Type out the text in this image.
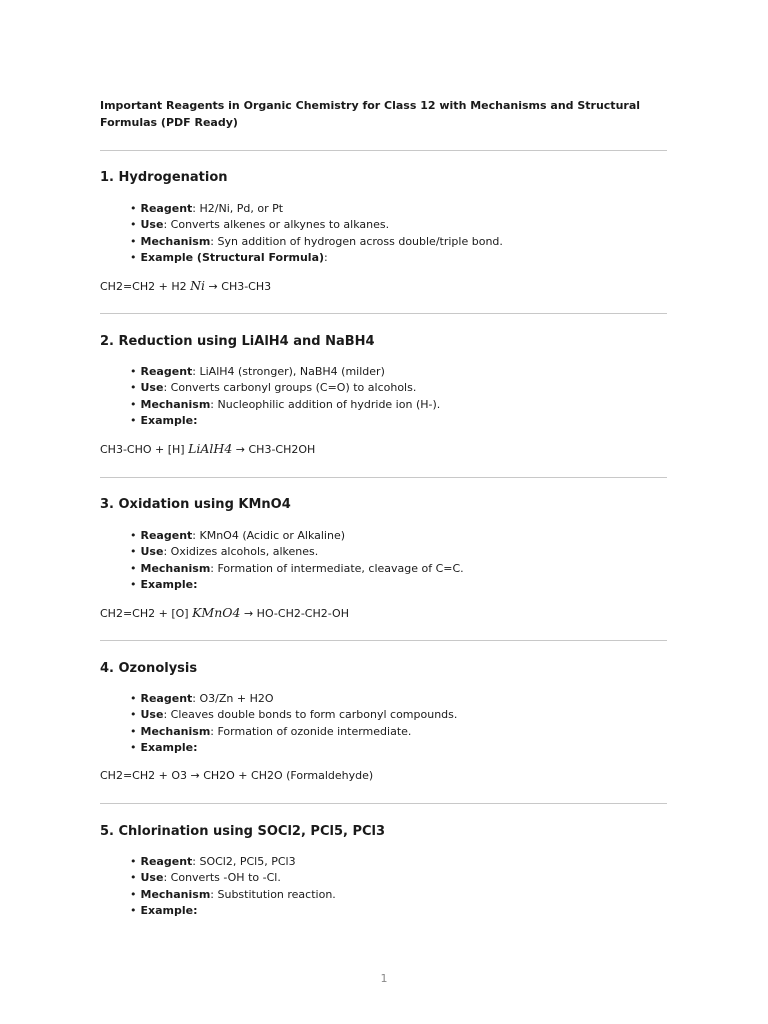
Important Reagents in Organic Chemistry for Class 12 with Mechanisms and Structural Formulas (PDF Ready)

1. Hydrogenation
• Reagent: H2/Ni, Pd, or Pt
• Use: Converts alkenes or alkynes to alkanes.
• Mechanism: Syn addition of hydrogen across double/triple bond.
• Example (Structural Formula):

CH2=CH2 + H2 Ni → CH3-CH3

2. Reduction using LiAlH4 and NaBH4
• Reagent: LiAlH4 (stronger), NaBH4 (milder)
• Use: Converts carbonyl groups (C=O) to alcohols.
• Mechanism: Nucleophilic addition of hydride ion (H-).
• Example:

CH3-CHO + [H] LiAlH4 → CH3-CH2OH

3. Oxidation using KMnO4
• Reagent: KMnO4 (Acidic or Alkaline)
• Use: Oxidizes alcohols, alkenes.
• Mechanism: Formation of intermediate, cleavage of C=C.
• Example:

CH2=CH2 + [O] KMnO4 → HO-CH2-CH2-OH

4. Ozonolysis
• Reagent: O3/Zn + H2O
• Use: Cleaves double bonds to form carbonyl compounds.
• Mechanism: Formation of ozonide intermediate.
• Example:

CH2=CH2 + O3 → CH2O + CH2O (Formaldehyde)

5. Chlorination using SOCl2, PCl5, PCl3
• Reagent: SOCl2, PCl5, PCl3
• Use: Converts -OH to -Cl.
• Mechanism: Substitution reaction.
• Example:
1
